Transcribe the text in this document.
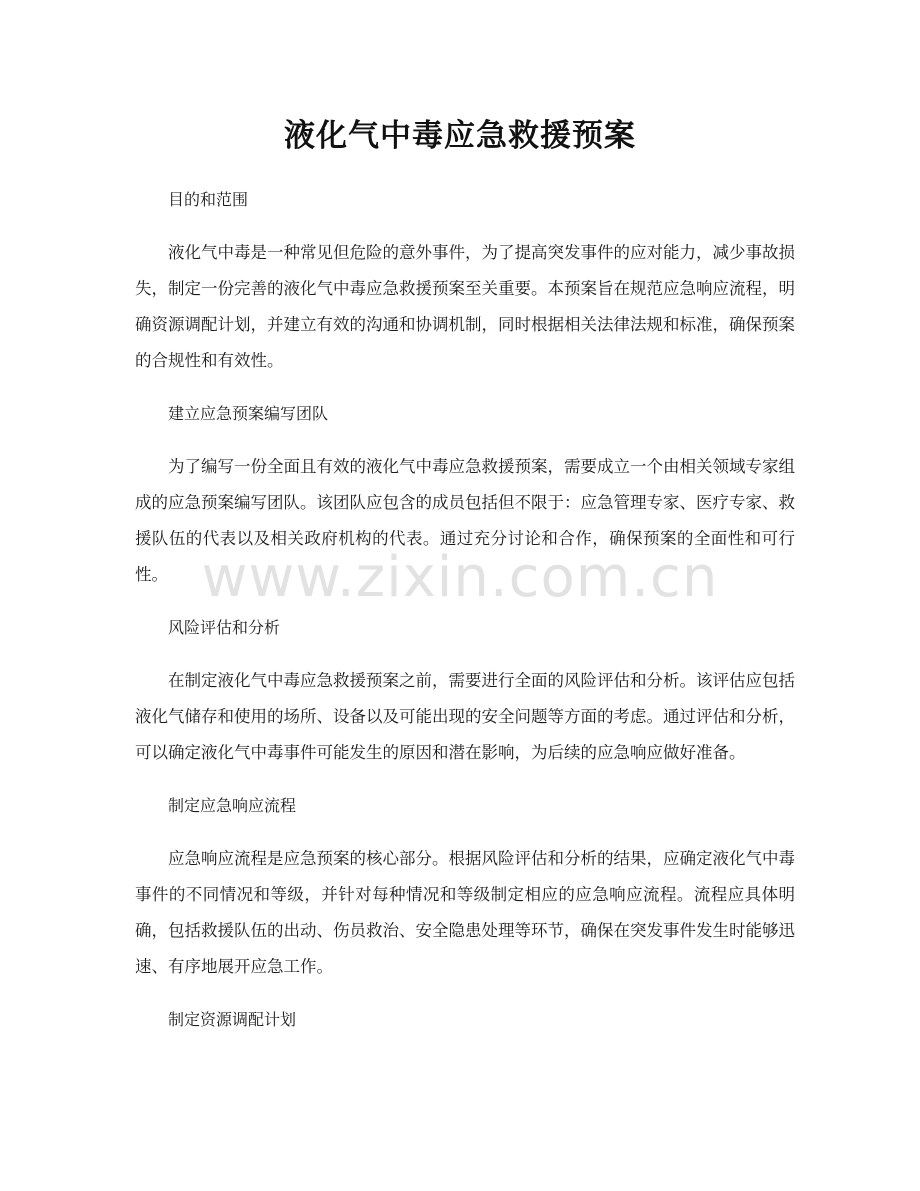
液化气中毒应急救援预案
www.zixin.com.cn

目的和范围

液化气中毒是一种常见但危险的意外事件，为了提高突发事件的应对能力，减少事故损失，制定一份完善的液化气中毒应急救援预案至关重要。本预案旨在规范应急响应流程，明确资源调配计划，并建立有效的沟通和协调机制，同时根据相关法律法规和标准，确保预案的合规性和有效性。

建立应急预案编写团队

为了编写一份全面且有效的液化气中毒应急救援预案，需要成立一个由相关领域专家组成的应急预案编写团队。该团队应包含的成员包括但不限于：应急管理专家、医疗专家、救援队伍的代表以及相关政府机构的代表。通过充分讨论和合作，确保预案的全面性和可行性。

风险评估和分析

在制定液化气中毒应急救援预案之前，需要进行全面的风险评估和分析。该评估应包括液化气储存和使用的场所、设备以及可能出现的安全问题等方面的考虑。通过评估和分析，可以确定液化气中毒事件可能发生的原因和潜在影响，为后续的应急响应做好准备。

制定应急响应流程

应急响应流程是应急预案的核心部分。根据风险评估和分析的结果，应确定液化气中毒事件的不同情况和等级，并针对每种情况和等级制定相应的应急响应流程。流程应具体明确，包括救援队伍的出动、伤员救治、安全隐患处理等环节，确保在突发事件发生时能够迅速、有序地展开应急工作。

制定资源调配计划
